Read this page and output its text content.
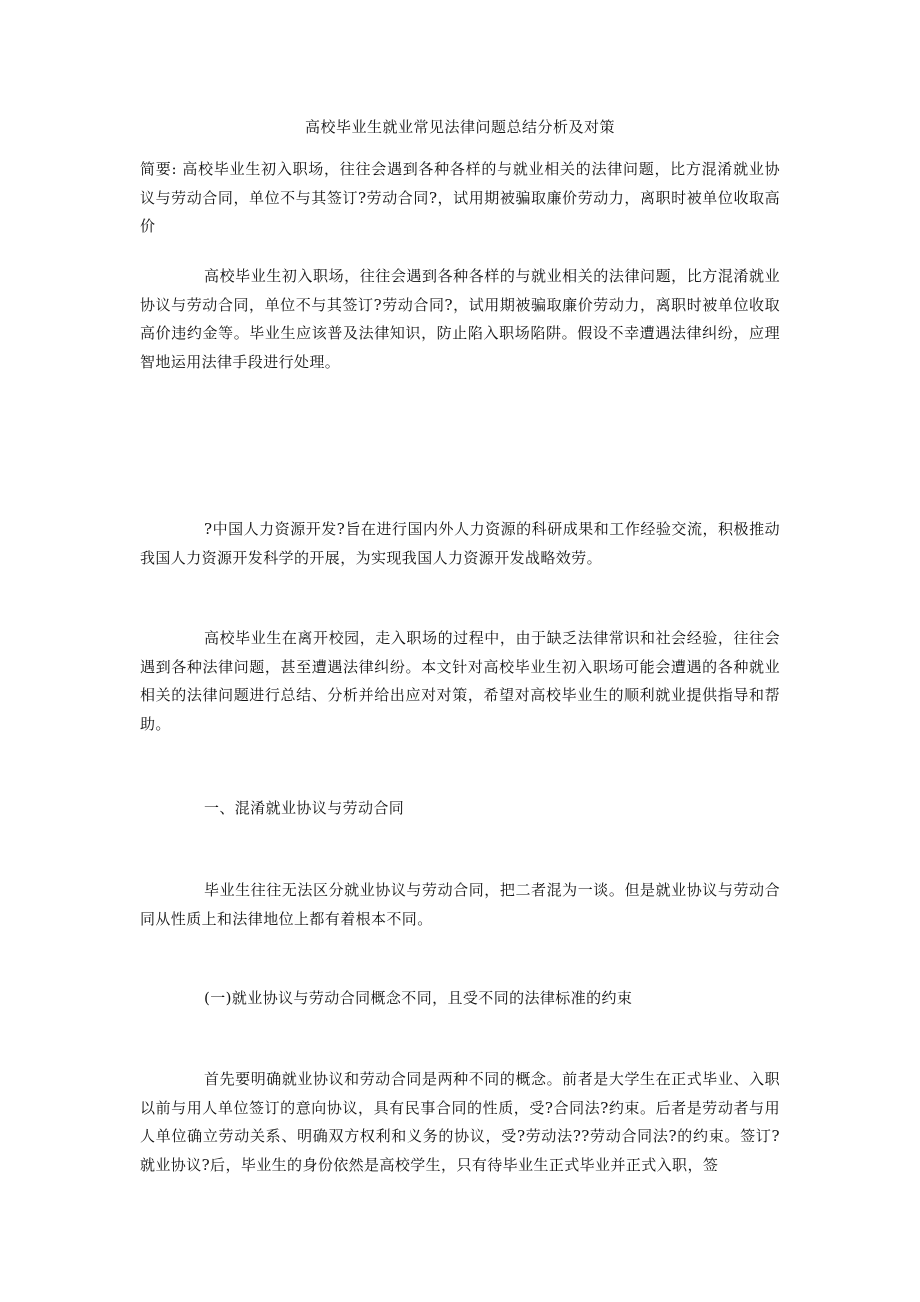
高校毕业生就业常见法律问题总结分析及对策
简要: 高校毕业生初入职场，往往会遇到各种各样的与就业相关的法律问题，比方混淆就业协议与劳动合同，单位不与其签订?劳动合同?，试用期被骗取廉价劳动力，离职时被单位收取高价
高校毕业生初入职场，往往会遇到各种各样的与就业相关的法律问题，比方混淆就业协议与劳动合同，单位不与其签订?劳动合同?，试用期被骗取廉价劳动力，离职时被单位收取高价违约金等。毕业生应该普及法律知识，防止陷入职场陷阱。假设不幸遭遇法律纠纷，应理智地运用法律手段进行处理。
?中国人力资源开发?旨在进行国内外人力资源的科研成果和工作经验交流，积极推动我国人力资源开发科学的开展，为实现我国人力资源开发战略效劳。
高校毕业生在离开校园，走入职场的过程中，由于缺乏法律常识和社会经验，往往会遇到各种法律问题，甚至遭遇法律纠纷。本文针对高校毕业生初入职场可能会遭遇的各种就业相关的法律问题进行总结、分析并给出应对对策，希望对高校毕业生的顺利就业提供指导和帮助。
一、混淆就业协议与劳动合同
毕业生往往无法区分就业协议与劳动合同，把二者混为一谈。但是就业协议与劳动合同从性质上和法律地位上都有着根本不同。
(一)就业协议与劳动合同概念不同，且受不同的法律标准的约束
首先要明确就业协议和劳动合同是两种不同的概念。前者是大学生在正式毕业、入职以前与用人单位签订的意向协议，具有民事合同的性质，受?合同法?约束。后者是劳动者与用人单位确立劳动关系、明确双方权利和义务的协议，受?劳动法??劳动合同法?的约束。签订?就业协议?后，毕业生的身份依然是高校学生，只有待毕业生正式毕业并正式入职，签
